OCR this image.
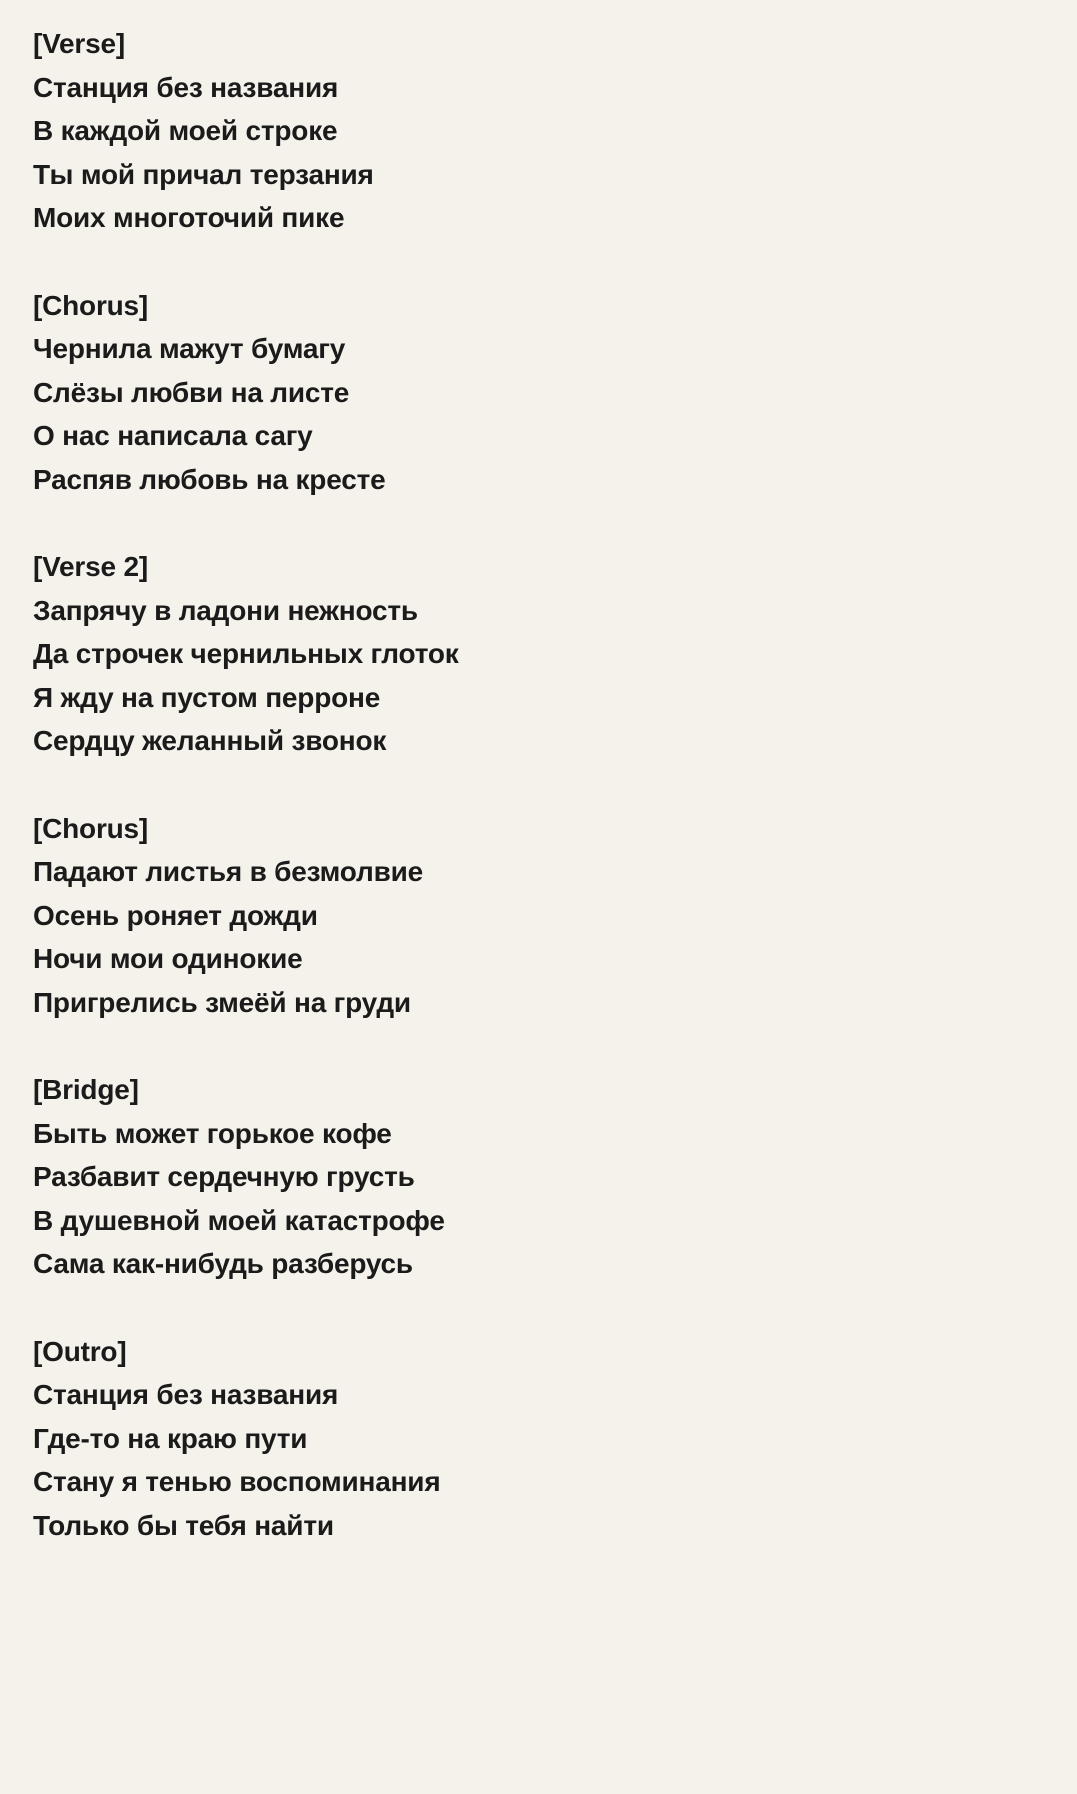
[Verse]
Станция без названия
В каждой моей строке
Ты мой причал терзания
Моих многоточий пике
[Chorus]
Чернила мажут бумагу
Слёзы любви на листе
О нас написала сагу
Распяв любовь на кресте
[Verse 2]
Запрячу в ладони нежность
Да строчек чернильных глоток
Я жду на пустом перроне
Сердцу желанный звонок
[Chorus]
Падают листья в безмолвие
Осень роняет дожди
Ночи мои одинокие
Пригрелись змеёй на груди
[Bridge]
Быть может горькое кофе
Разбавит сердечную грусть
В душевной моей катастрофе
Сама как-нибудь разберусь
[Outro]
Станция без названия
Где-то на краю пути
Стану я тенью воспоминания
Только бы тебя найти
